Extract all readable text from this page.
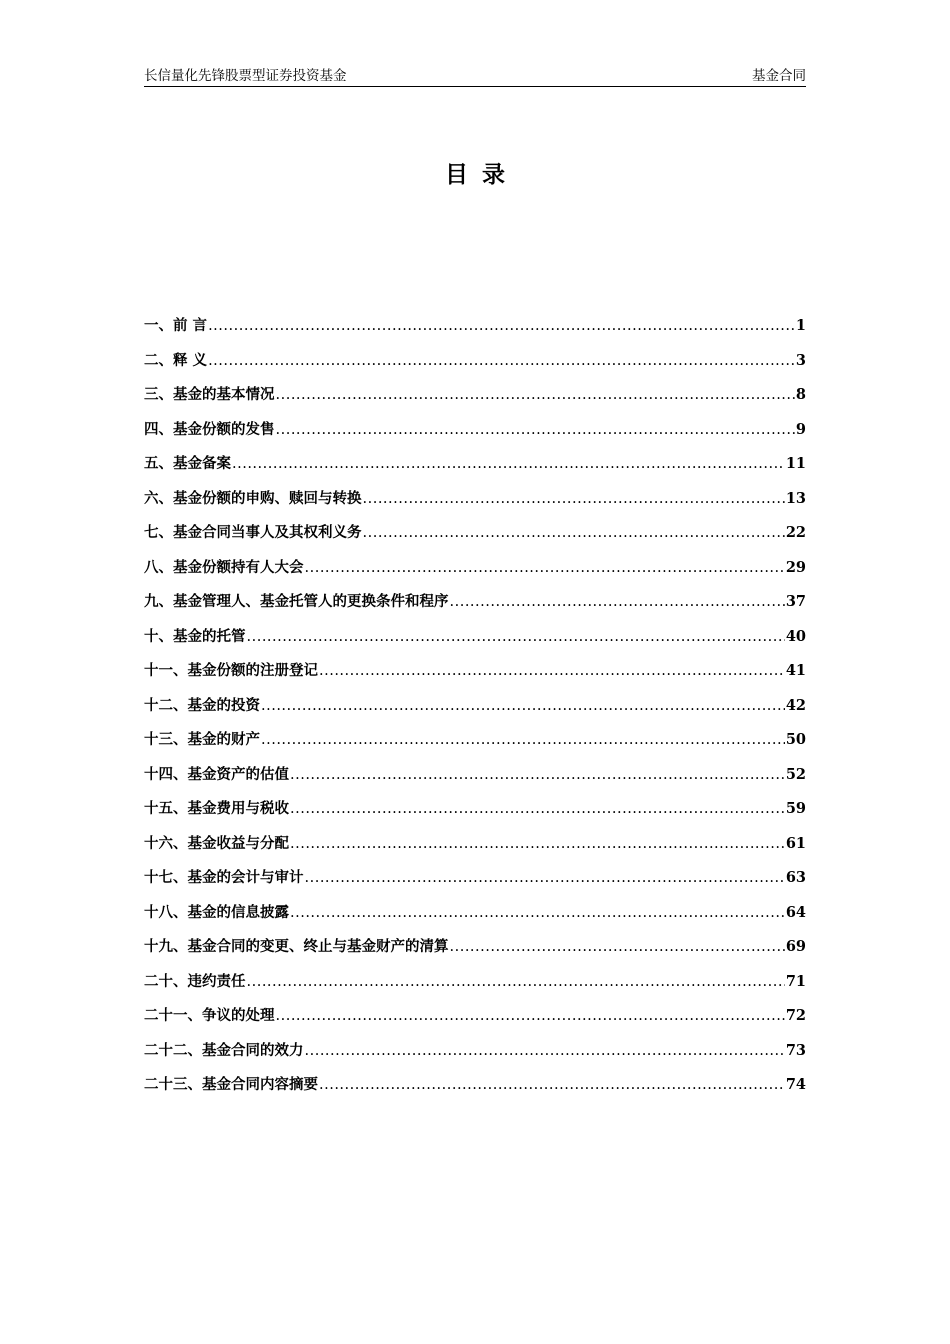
长信量化先锋股票型证券投资基金	基金合同
目录
一、前 言 .....	1
二、释 义 .....	3
三、基金的基本情况 .....	8
四、基金份额的发售 .....	9
五、基金备案 .....	11
六、基金份额的申购、赎回与转换 .....	13
七、基金合同当事人及其权利义务 .....	22
八、基金份额持有人大会 .....	29
九、基金管理人、基金托管人的更换条件和程序 .....	37
十、基金的托管 .....	40
十一、基金份额的注册登记 .....	41
十二、基金的投资 .....	42
十三、基金的财产 .....	50
十四、基金资产的估值 .....	52
十五、基金费用与税收 .....	59
十六、基金收益与分配 .....	61
十七、基金的会计与审计 .....	63
十八、基金的信息披露 .....	64
十九、基金合同的变更、终止与基金财产的清算 .....	69
二十、违约责任 .....	71
二十一、争议的处理 .....	72
二十二、基金合同的效力 .....	73
二十三、基金合同内容摘要 .....	74
